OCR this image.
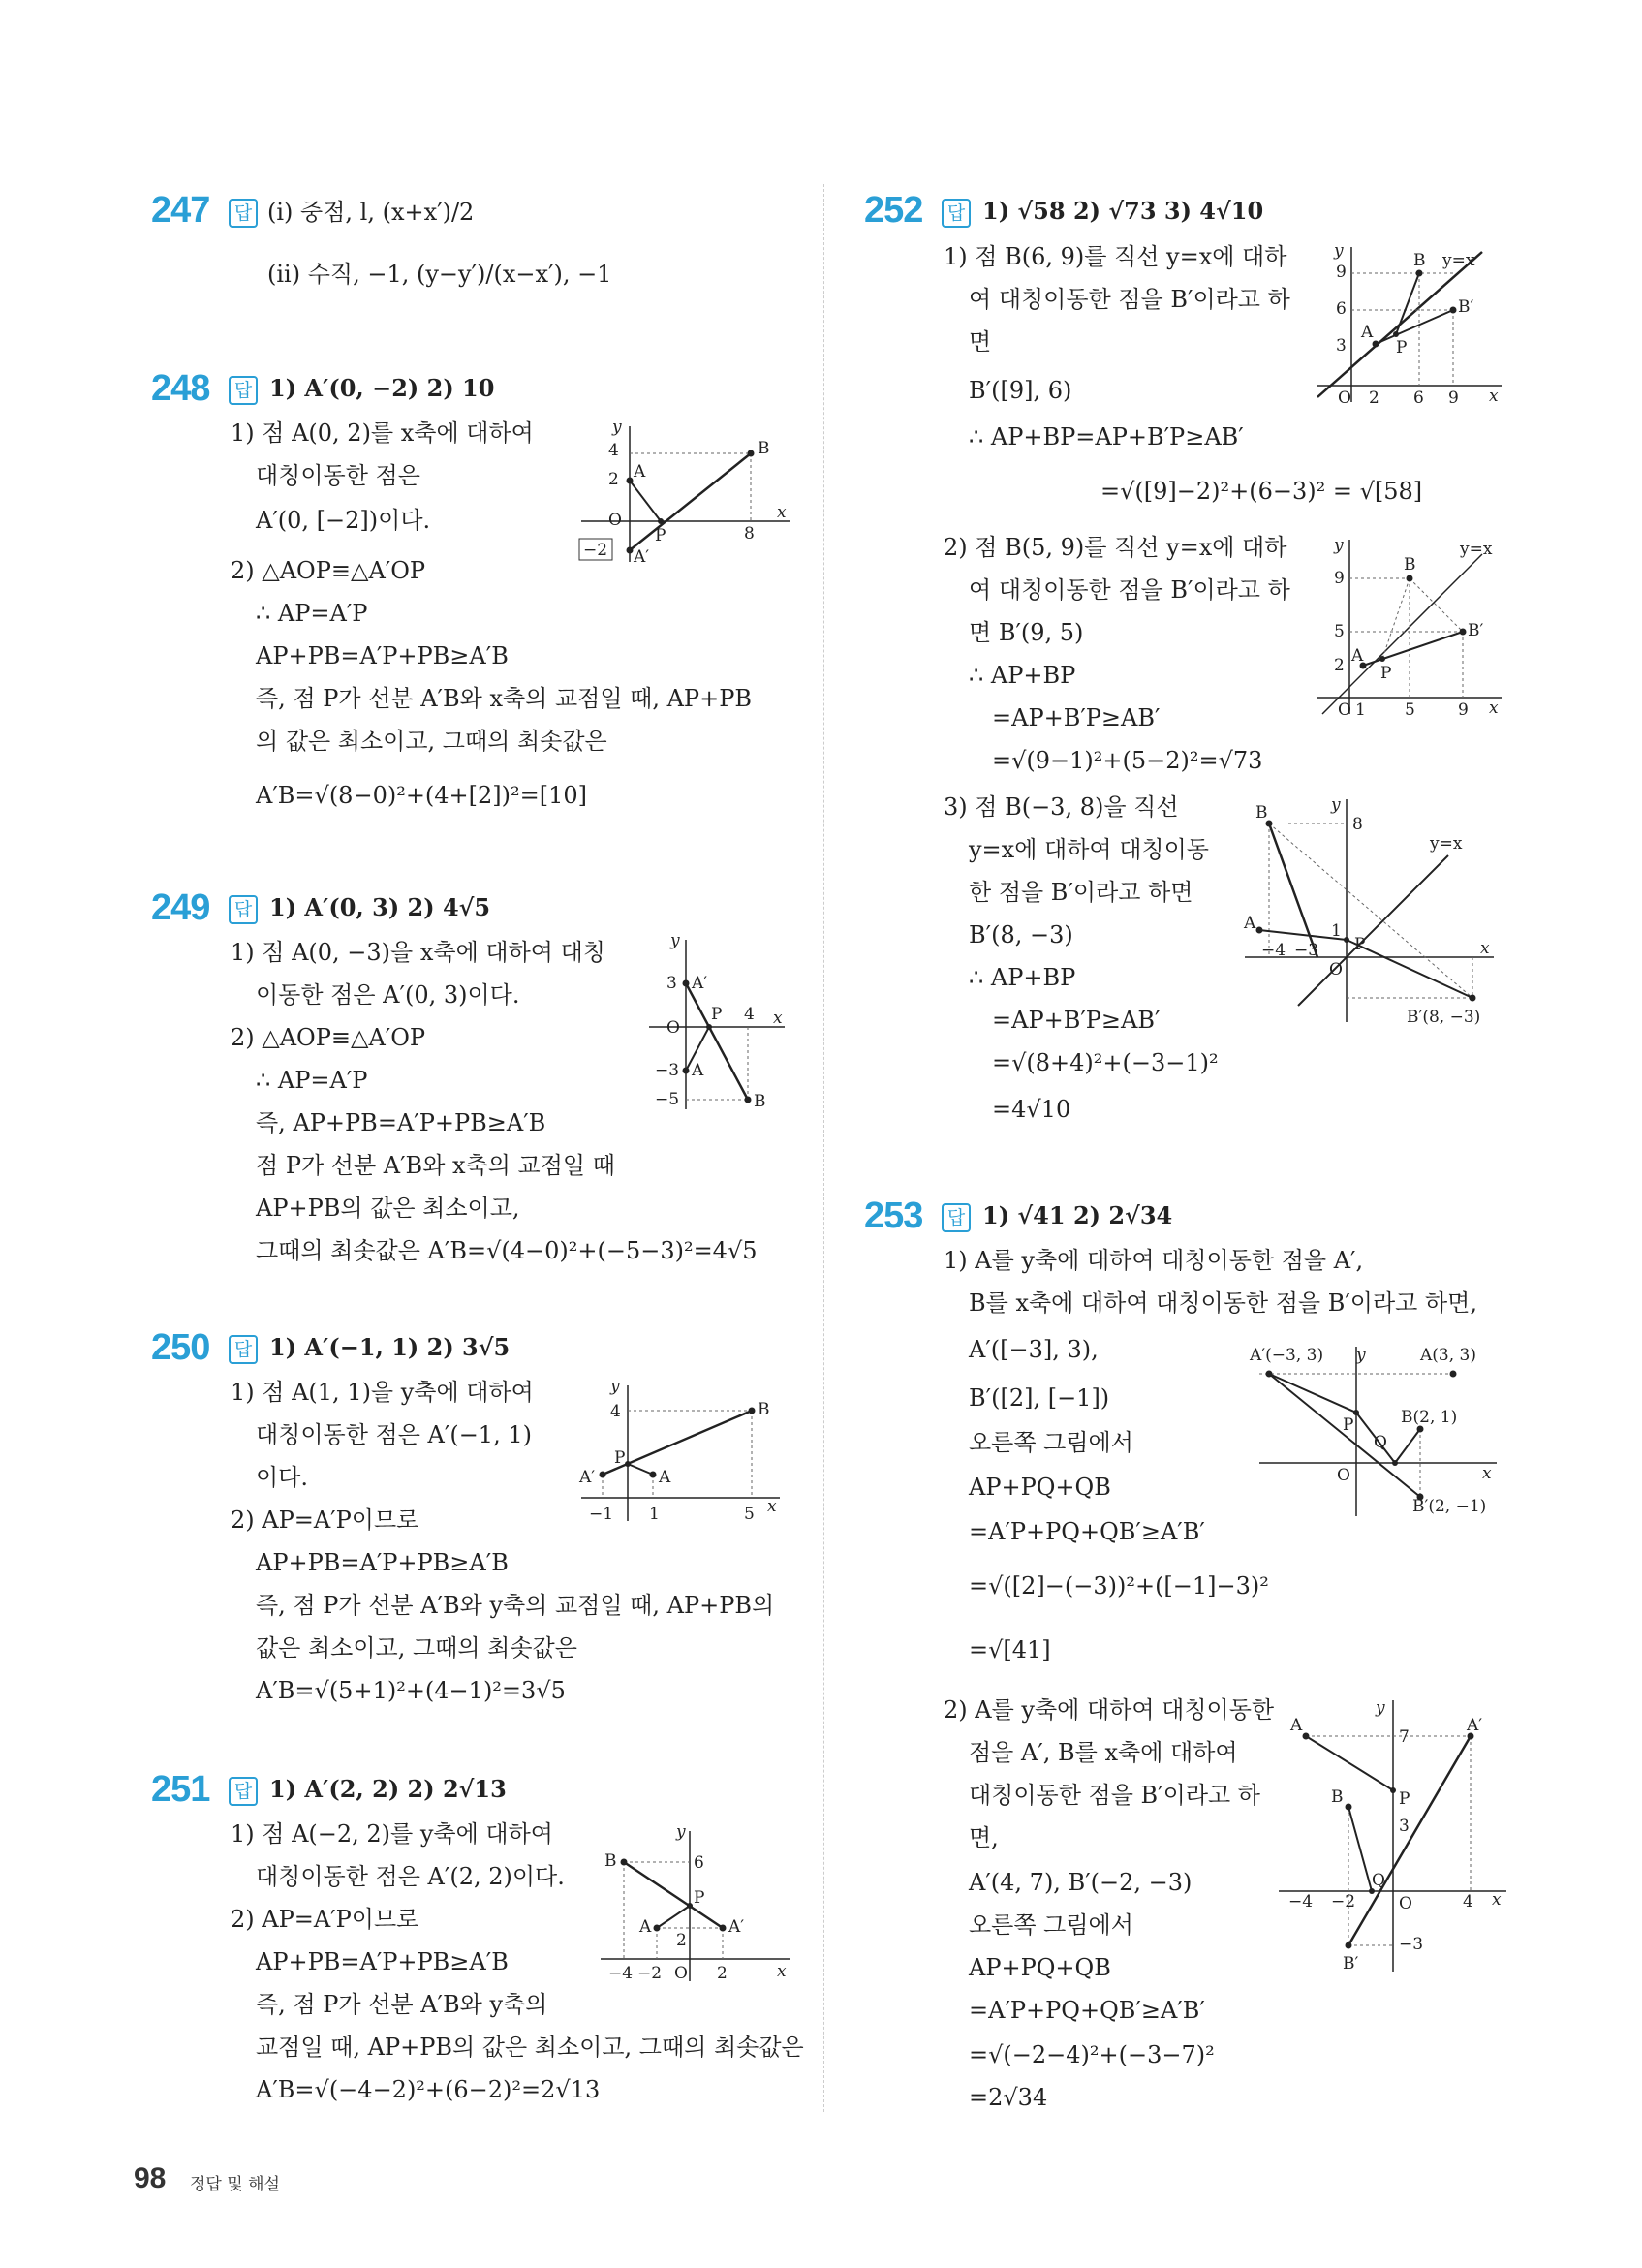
247	답 (i) 중점, l, (x+x′)/2
(ii) 수직, −1, (y−y′)/(x−x′), −1
248	답 1) A′(0, −2) 2) 10
1) 점 A(0, 2)를 x축에 대하여
대칭이동한 점은
A′(0, [−2])이다.
2) △AOP≡△A′OP
∴ AP=A′P
AP+PB=A′P+PB≥A′B
즉, 점 P가 선분 A′B와 x축의 교점일 때, AP+PB
의 값은 최소이고, 그때의 최솟값은
A′B=√(8−0)²+(4+[2])²=[10]
y
x
4
2
O
8
−2
A
A′
B
P
249	답 1) A′(0, 3) 2) 4√5
1) 점 A(0, −3)을 x축에 대하여 대칭
이동한 점은 A′(0, 3)이다.
2) △AOP≡△A′OP
∴ AP=A′P
즉, AP+PB=A′P+PB≥A′B
점 P가 선분 A′B와 x축의 교점일 때
AP+PB의 값은 최소이고,
그때의 최솟값은 A′B=√(4−0)²+(−5−3)²=4√5
y
x
3
4
O
−3
−5
A′
A
B
P
250	답 1) A′(−1, 1) 2) 3√5
1) 점 A(1, 1)을 y축에 대하여
대칭이동한 점은 A′(−1, 1)
이다.
2) AP=A′P이므로
AP+PB=A′P+PB≥A′B
즉, 점 P가 선분 A′B와 y축의 교점일 때, AP+PB의
값은 최소이고, 그때의 최솟값은
A′B=√(5+1)²+(4−1)²=3√5
y
x
4
−1 1	5
A′	A
B
P
251	답 1) A′(2, 2) 2) 2√13
1) 점 A(−2, 2)를 y축에 대하여
대칭이동한 점은 A′(2, 2)이다.
2) AP=A′P이므로
AP+PB=A′P+PB≥A′B
즉, 점 P가 선분 A′B와 y축의
교점일 때, AP+PB의 값은 최소이고, 그때의 최솟값은
A′B=√(−4−2)²+(6−2)²=2√13
y
x
6
2
O
−4 −2	2
B
A	A′
P
252	답 1) √58 2) √73 3) 4√10
1) 점 B(6, 9)를 직선 y=x에 대하
여 대칭이동한 점을 B′이라고 하
면
B′([9], 6)
∴ AP+BP=AP+B′P≥AB′
=√([9]−2)²+(6−3)² = √[58]
2) 점 B(5, 9)를 직선 y=x에 대하
여 대칭이동한 점을 B′이라고 하
면 B′(9, 5)
∴ AP+BP
=AP+B′P≥AB′
=√(9−1)²+(5−2)²=√73
3) 점 B(−3, 8)을 직선
y=x에 대하여 대칭이동
한 점을 B′이라고 하면
B′(8, −3)
∴ AP+BP
=AP+B′P≥AB′
=√(8+4)²+(−3−1)²
=4√10
y
x
9
6
3
O 2 6 9
A
B
B′
P
y=x
y
x
9
5
2
O 1 5	9
A
B
B′
P
y=x
y
x
8
1
O
−4 −3
A
B
B′(8, −3)
P
y=x
253	답 1) √41 2) 2√34
1) A를 y축에 대하여 대칭이동한 점을 A′,
B를 x축에 대하여 대칭이동한 점을 B′이라고 하면,
A′([−3], 3),
B′([2], [−1])
오른쪽 그림에서
AP+PQ+QB
=A′P+PQ+QB′≥A′B′
=√([2]−(−3))²+([−1]−3)²
=√[41]
2) A를 y축에 대하여 대칭이동한
점을 A′, B를 x축에 대하여
대칭이동한 점을 B′이라고 하
면,
A′(4, 7), B′(−2, −3)
오른쪽 그림에서
AP+PQ+QB
=A′P+PQ+QB′≥A′B′
=√(−2−4)²+(−3−7)²
=2√34
y
x
O
A′(−3, 3)	A(3, 3)
B(2, 1)
B′(2, −1)
P
Q
y
x
7
3
−3
−4 −2	O	4
A	A′
B
B′
P
Q
98 정답 및 해설
